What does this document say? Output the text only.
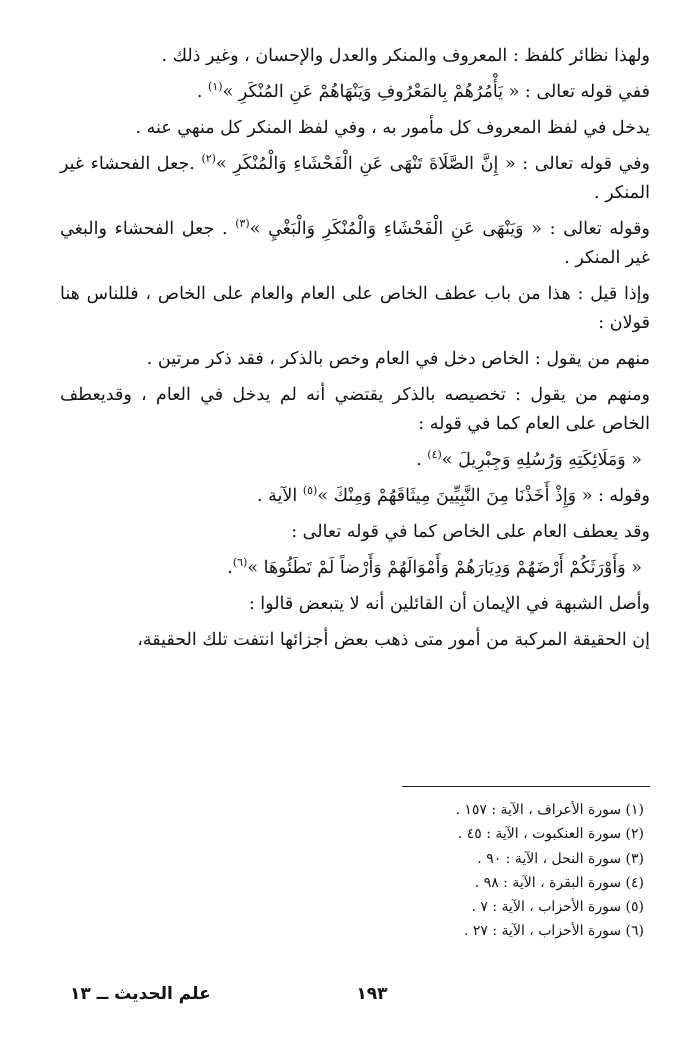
ولهذا نظائر كلفظ : المعروف والمنكر والعدل والإحسان ، وغير ذلك .

ففي قوله تعالى : « يَأْمُرُهُمْ بِالمَعْرُوفِ وَيَنْهَاهُمْ عَنِ المُنْكَرِ »$^{(١)}$ .

يدخل في لفظ المعروف كل مأمور به ، وفي لفظ المنكر كل منهي عنه .

وفي قوله تعالى : « إِنَّ الصَّلَاةَ تَنْهَى عَنِ الْفَحْشَاءِ وَالْمُنْكَرِ »$^{(٢)}$ .جعل الفحشاء غير المنكر .

وقوله تعالى : « وَيَنْهَى عَنِ الْفَحْشَاءِ وَالْمُنْكَرِ وَالْبَغْيِ »$^{(٣)}$ . جعل الفحشاء والبغي غير المنكر .

وإذا قيل : هذا من باب عطف الخاص على العام والعام على الخاص ، فللناس هنا قولان :

منهم من يقول : الخاص دخل في العام وخص بالذكر ، فقد ذكر مرتين .

ومنهم من يقول : تخصيصه بالذكر يقتضي أنه لم يدخل في العام ، وقديعطف الخاص على العام كما في قوله :

« وَمَلَائِكَتِهِ وَرُسُلِهِ وَجِبْرِيلَ »$^{(٤)}$ .

وقوله : « وَإِذْ أَخَذْنَا مِنَ النَّبِيِّينَ مِيثَاقَهُمْ وَمِنْكَ »$^{(٥)}$ الآية .

وقد يعطف العام على الخاص كما في قوله تعالى :

« وَأَوْرَثَكُمْ أَرْضَهُمْ وَدِيَارَهُمْ وَأَمْوَالَهُمْ وَأَرْضاً لَمْ تَطَئُوهَا »$^{(٦)}$.

وأصل الشبهة في الإيمان أن القائلين أنه لا يتبعض قالوا :

إن الحقيقة المركبة من أمور متى ذهب بعض أجزائها انتفت تلك الحقيقة،

(١) سورة الأعراف ، الآية : ١٥٧ .
(٢) سورة العنكبوت ، الآية : ٤٥ .
(٣) سورة النحل ، الآية : ٩٠ .
(٤) سورة البقرة ، الآية : ٩٨ .
(٥) سورة الأحزاب ، الآية : ٧ .
(٦) سورة الأحزاب ، الآية : ٢٧ .
١٩٣
علم الحديث ــ ١٣
